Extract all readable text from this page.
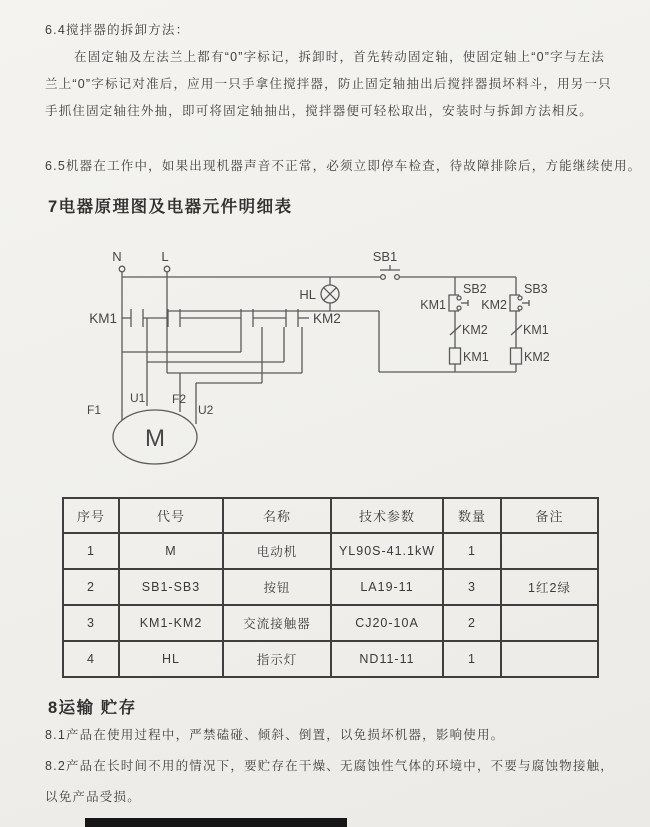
6.4搅拌器的拆卸方法：
在固定轴及左法兰上都有“0”字标记，拆卸时，首先转动固定轴，使固定轴上“0”字与左法兰上“0”字标记对准后，应用一只手拿住搅拌器，防止固定轴抽出后搅拌器损坏料斗，用另一只手抓住固定轴往外抽，即可将固定轴抽出，搅拌器便可轻松取出，安装时与拆卸方法相反。
6.5机器在工作中，如果出现机器声音不正常，必须立即停车检查，待故障排除后，方能继续使用。
7电器原理图及电器元件明细表
N	L	SB1
HL
KM1	KM2
KM1
SB2
KM2
KM1
KM2
SB3
KM1
KM2
M
F1
U1 F2
U2
序号	代号	名称	技术参数	数量	备注
1	M	电动机	YL90S-41.1kW	1	
2	SB1-SB3	按钮	LA19-11	3	1红2绿
3	KM1-KM2	交流接触器	CJ20-10A	2	
4	HL	指示灯	ND11-11	1	
8运输 贮存
8.1产品在使用过程中，严禁磕碰、倾斜、倒置，以免损坏机器，影响使用。
8.2产品在长时间不用的情况下，要贮存在干燥、无腐蚀性气体的环境中，不要与腐蚀物接触，以免产品受损。
